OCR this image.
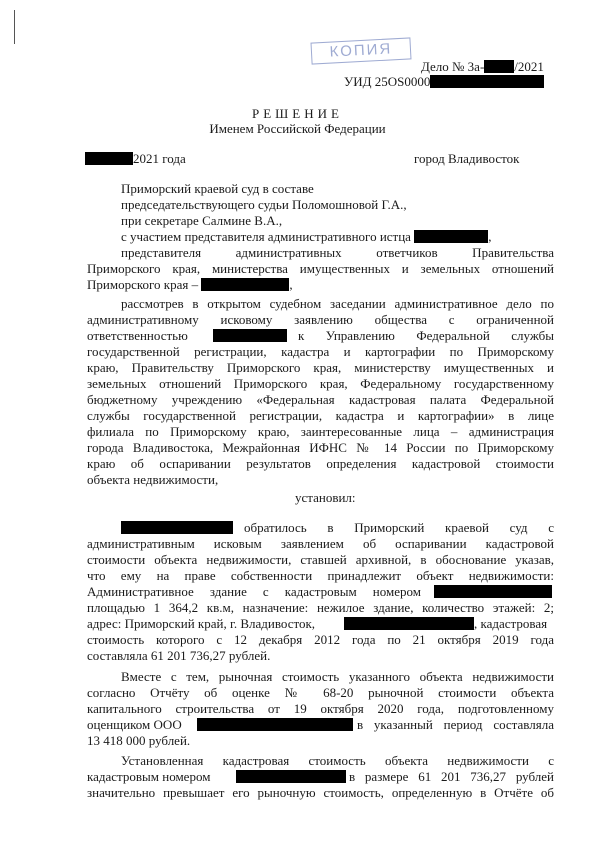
КОПИЯ
Дело № 3а- /2021
УИД 25OS0000
РЕШЕНИЕ
Именем Российской Федерации
2021 года	город Владивосток
Приморский краевой суд в составе
председательствующего судьи Поломошновой Г.А.,
при секретаре Салмине В.А.,
с участием представителя административного истца	,
представителя административных ответчиков Правительства
Приморского края, министерства имущественных и земельных отношений
Приморского края –	,
рассмотрев в открытом судебном заседании административное дело по
административному исковому заявлению общества с ограниченной
ответственностью	к Управлению Федеральной службы
государственной регистрации, кадастра и картографии по Приморскому
краю, Правительству Приморского края, министерству имущественных и
земельных отношений Приморского края, Федеральному государственному
бюджетному учреждению «Федеральная кадастровая палата Федеральной
службы государственной регистрации, кадастра и картографии» в лице
филиала по Приморскому краю, заинтересованные лица – администрация
города Владивостока, Межрайонная ИФНС № 14 России по Приморскому
краю об оспаривании результатов определения кадастровой стоимости
объекта недвижимости,
установил:
обратилось в Приморский краевой суд с
административным исковым заявлением об оспаривании кадастровой
стоимости объекта недвижимости, ставшей архивной, в обоснование указав,
что ему на праве собственности принадлежит объект недвижимости:
Административное здание с кадастровым номером
площадью 1 364,2 кв.м, назначение: нежилое здание, количество этажей: 2;
адрес: Приморский край, г. Владивосток,	, кадастровая
стоимость которого с 12 декабря 2012 года по 21 октября 2019 года
составляла 61 201 736,27 рублей.
Вместе с тем, рыночная стоимость указанного объекта недвижимости
согласно Отчёту об оценке № 68-20 рыночной стоимости объекта
капитального строительства от 19 октября 2020 года, подготовленному
оценщиком ООО	в указанный период составляла
13 418 000 рублей.
Установленная кадастровая стоимость объекта недвижимости с
кадастровым номером	в размере 61 201 736,27 рублей
значительно превышает его рыночную стоимость, определенную в Отчёте об
